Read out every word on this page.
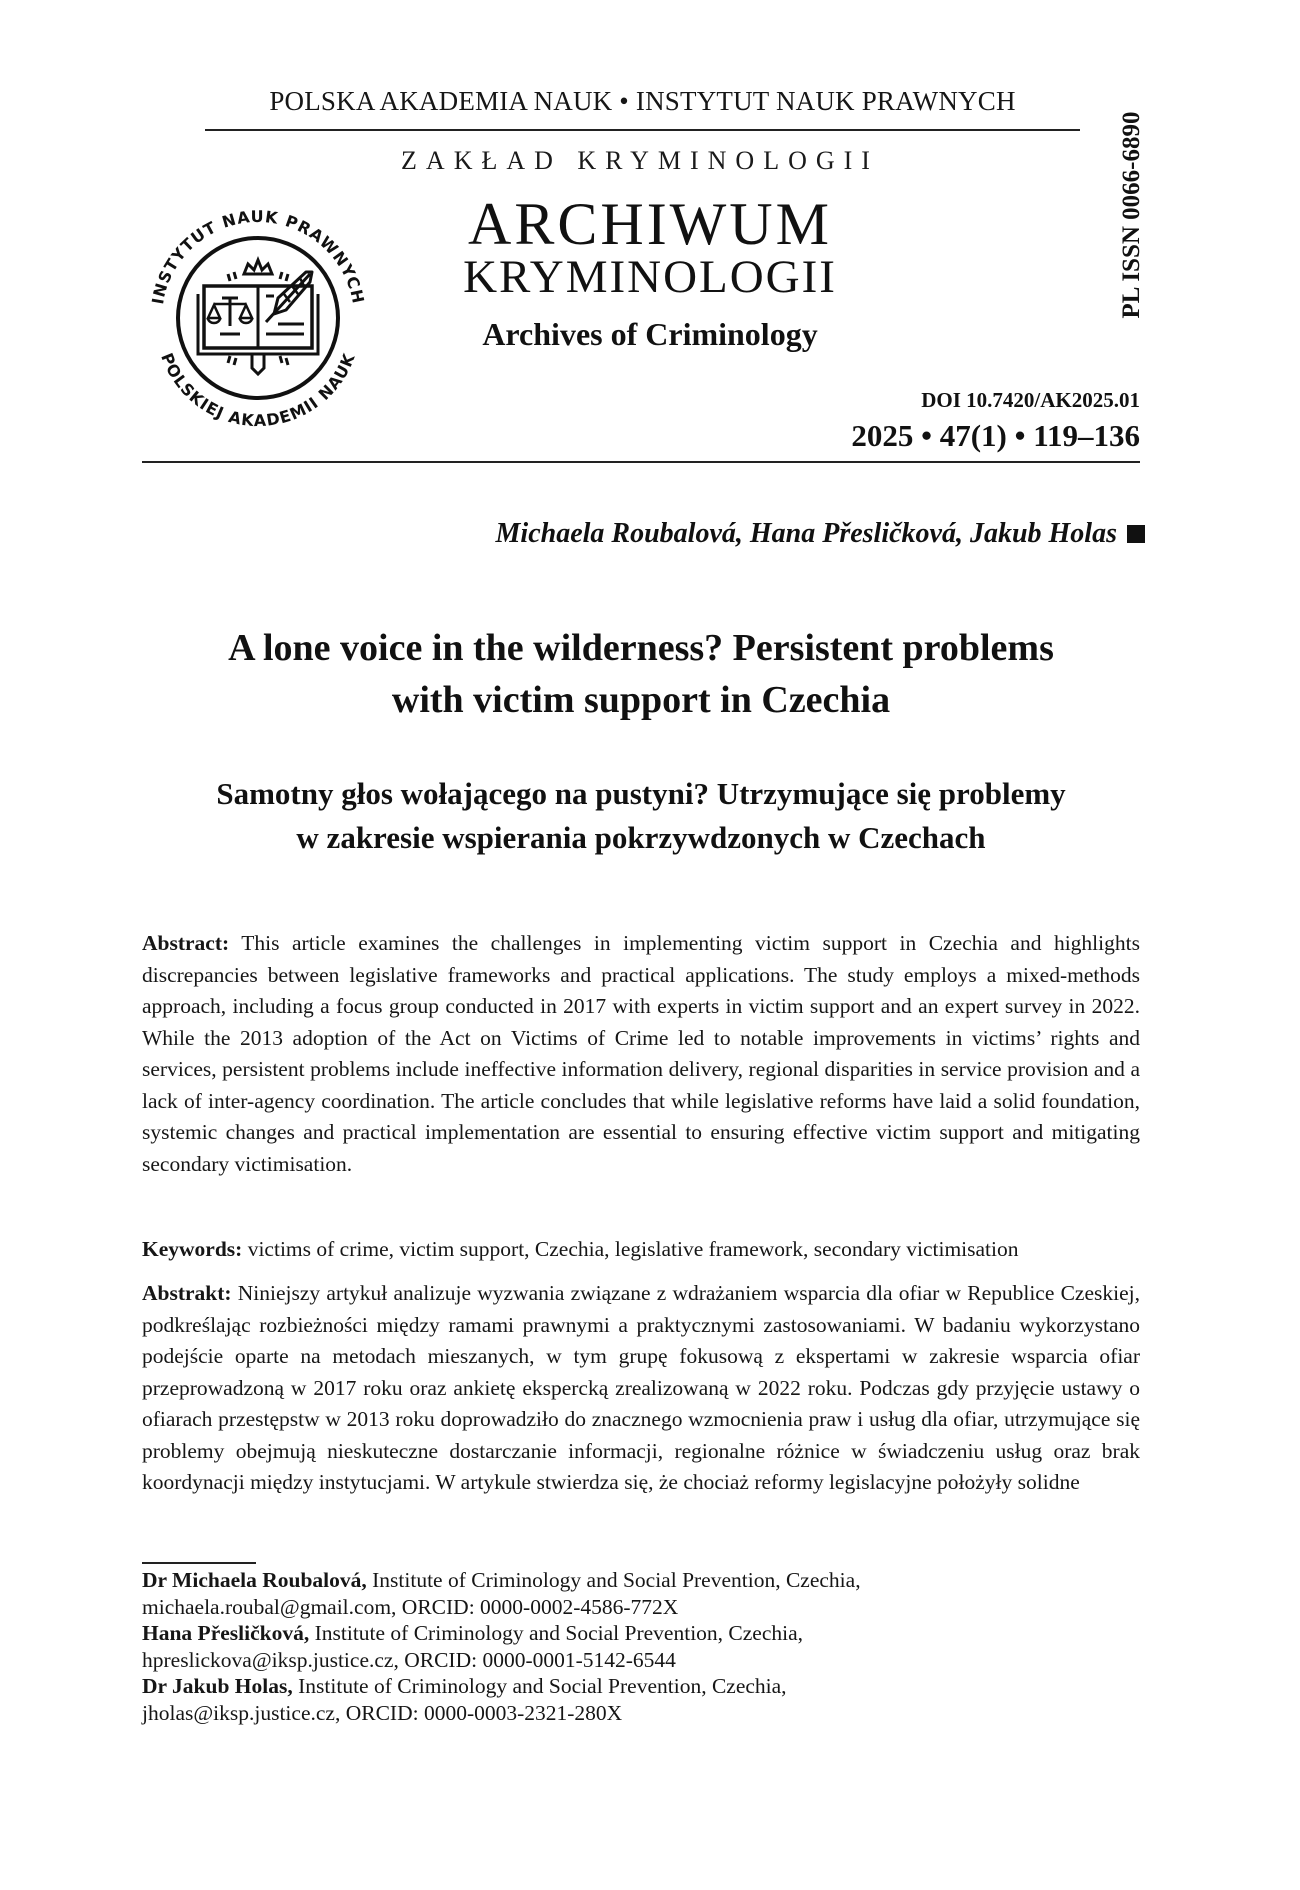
POLSKA AKADEMIA NAUK • INSTYTUT NAUK PRAWNYCH
ZAKŁAD KRYMINOLOGII
INSTYTUT NAUK PRAWNYCH
POLSKIEJ AKADEMII NAUK
ARCHIWUM
KRYMINOLOGII
Archives of Criminology
PL ISSN 0066-6890
DOI 10.7420/AK2025.01
2025 • 47(1) • 119–136
Michaela Roubalová, Hana Přesličková, Jakub Holas
A lone voice in the wilderness? Persistent problems
with victim support in Czechia
Samotny głos wołającego na pustyni? Utrzymujące się problemy
w zakresie wspierania pokrzywdzonych w Czechach
Abstract: This article examines the challenges in implementing victim support in Czechia and highlights discrepancies between legislative frameworks and practical applications. The study employs a mixed-methods approach, including a focus group conducted in 2017 with experts in victim support and an expert survey in 2022. While the 2013 adoption of the Act on Victims of Crime led to notable improvements in victims’ rights and services, persistent problems include ineffective information delivery, regional disparities in service provision and a lack of inter-agency coordination. The article concludes that while legislative reforms have laid a solid foundation, systemic changes and practical implementation are essential to ensuring effective victim support and mitigating secondary victimisation.
Keywords: victims of crime, victim support, Czechia, legislative framework, secondary victimisation
Abstrakt: Niniejszy artykuł analizuje wyzwania związane z wdrażaniem wsparcia dla ofiar w Republice Czeskiej, podkreślając rozbieżności między ramami prawnymi a praktycznymi zastosowaniami. W badaniu wykorzystano podejście oparte na metodach mieszanych, w tym grupę fokusową z ekspertami w zakresie wsparcia ofiar przeprowadzoną w 2017 roku oraz ankietę ekspercką zrealizowaną w 2022 roku. Podczas gdy przyjęcie ustawy o ofiarach przestępstw w 2013 roku doprowadziło do znacznego wzmocnienia praw i usług dla ofiar, utrzymujące się problemy obejmują nieskuteczne dostarczanie informacji, regionalne różnice w świadczeniu usług oraz brak koordynacji między instytucjami. W artykule stwierdza się, że chociaż reformy legislacyjne położyły solidne

Dr Michaela Roubalová, Institute of Criminology and Social Prevention, Czechia,
michaela.roubal@gmail.com, ORCID: 0000-0002-4586-772X

Hana Přesličková, Institute of Criminology and Social Prevention, Czechia,
hpreslickova@iksp.justice.cz, ORCID: 0000-0001-5142-6544

Dr Jakub Holas, Institute of Criminology and Social Prevention, Czechia,
jholas@iksp.justice.cz, ORCID: 0000-0003-2321-280X
